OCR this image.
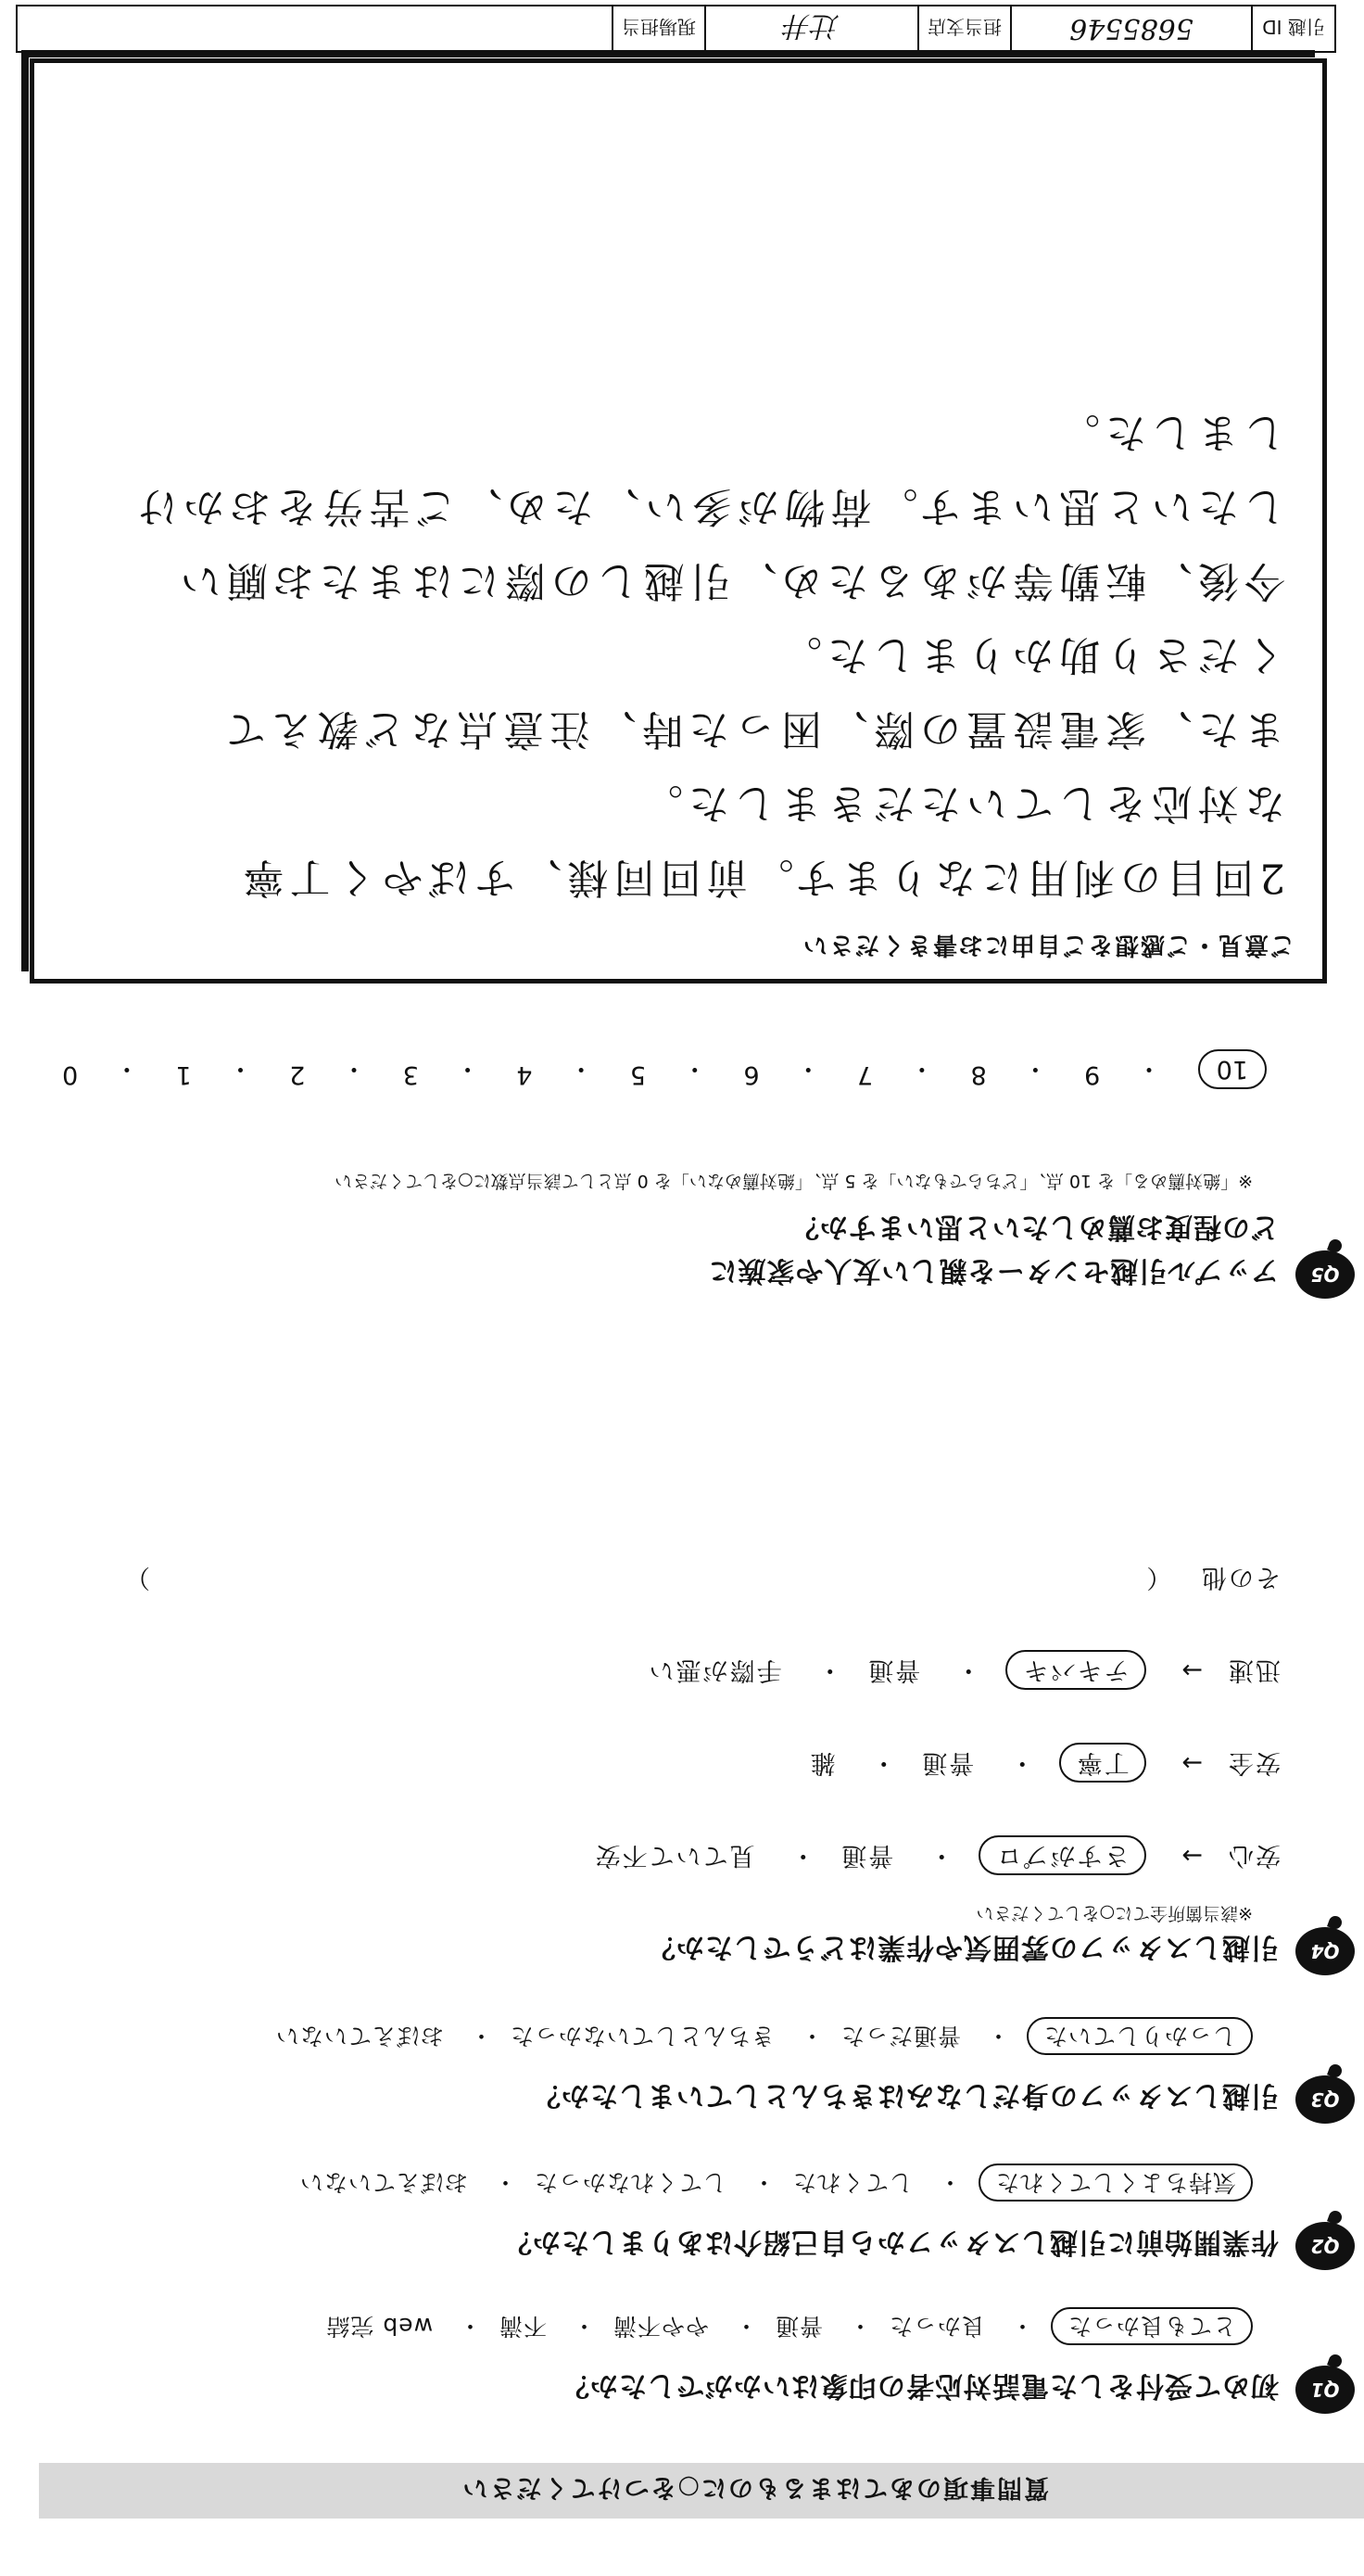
質問事項のあてはまるものに○をつけてください
Q1
初めて受付をした電話対応者の印象はいかがでしたか？
とても良かった・ 良かった・ 普通・ やや不満・ 不満・ web 完結
Q2
作業開始前に引越しスタッフから自己紹介はありましたか？
気持ちよくしてくれた・ してくれた・ してくれなかった・ おぼえていない
Q3
引越しスタッフの身だしなみはきちんとしていましたか？
しっかりしていた・ 普通だった・ きちんとしていなかった・ おぼえていない
Q4
引越しスタッフの雰囲気や作業はどうでしたか？
※該当箇所全てに○をしてください
安心→ さすがプロ・ 普通・ 見ていて不安
安全→ 丁寧・ 普通・ 雑
迅速→ テキパキ・ 普通・ 手際が悪い
その他 （
）
Q5
アップル引越センターを親しい友人や家族に
どの程度お薦めしたいと思いますか？
※「絶対薦める」を 10 点、「どちらでもない」を 5 点、「絶対薦めない」を 0 点として該当点数に○をしてください
10
・
9
・
8
・
7
・
6
・
5
・
4
・
3
・
2
・
1
・
0
ご意見・ご感想をご自由にお書きください
2回目の利用になります。前回同様、すばやく丁寧
な対応をしていただきました。
また、家電設置の際、困った時、注意点など教えて
くださり助かりました。
今後、転勤等があるため、引越しの際にはまたお願い
したいと思います。荷物が多い、ため、ご苦労をおかけ
しました。
引越 ID
5685546
担当支店
辻井
現場担当
